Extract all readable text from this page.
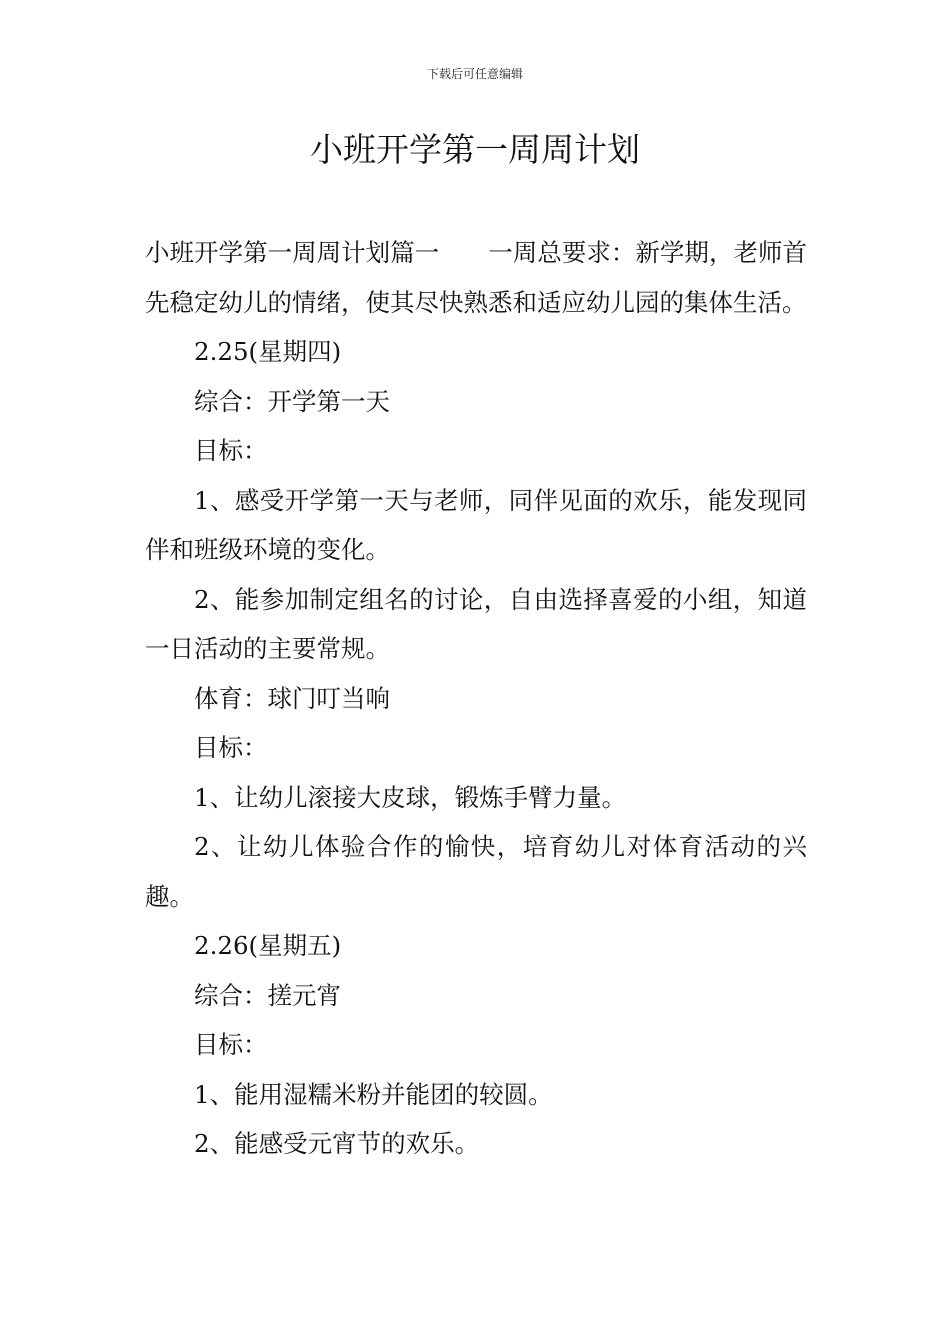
下载后可任意编辑
小班开学第一周周计划

小班开学第一周周计划篇一　　一周总要求：新学期，老师首先稳定幼儿的情绪，使其尽快熟悉和适应幼儿园的集体生活。

2.25(星期四)

综合：开学第一天

目标：

1、感受开学第一天与老师，同伴见面的欢乐，能发现同伴和班级环境的变化。

2、能参加制定组名的讨论，自由选择喜爱的小组，知道一日活动的主要常规。

体育：球门叮当响

目标：

1、让幼儿滚接大皮球，锻炼手臂力量。

2、让幼儿体验合作的愉快，培育幼儿对体育活动的兴趣。

2.26(星期五)

综合：搓元宵

目标：

1、能用湿糯米粉并能团的较圆。

2、能感受元宵节的欢乐。
